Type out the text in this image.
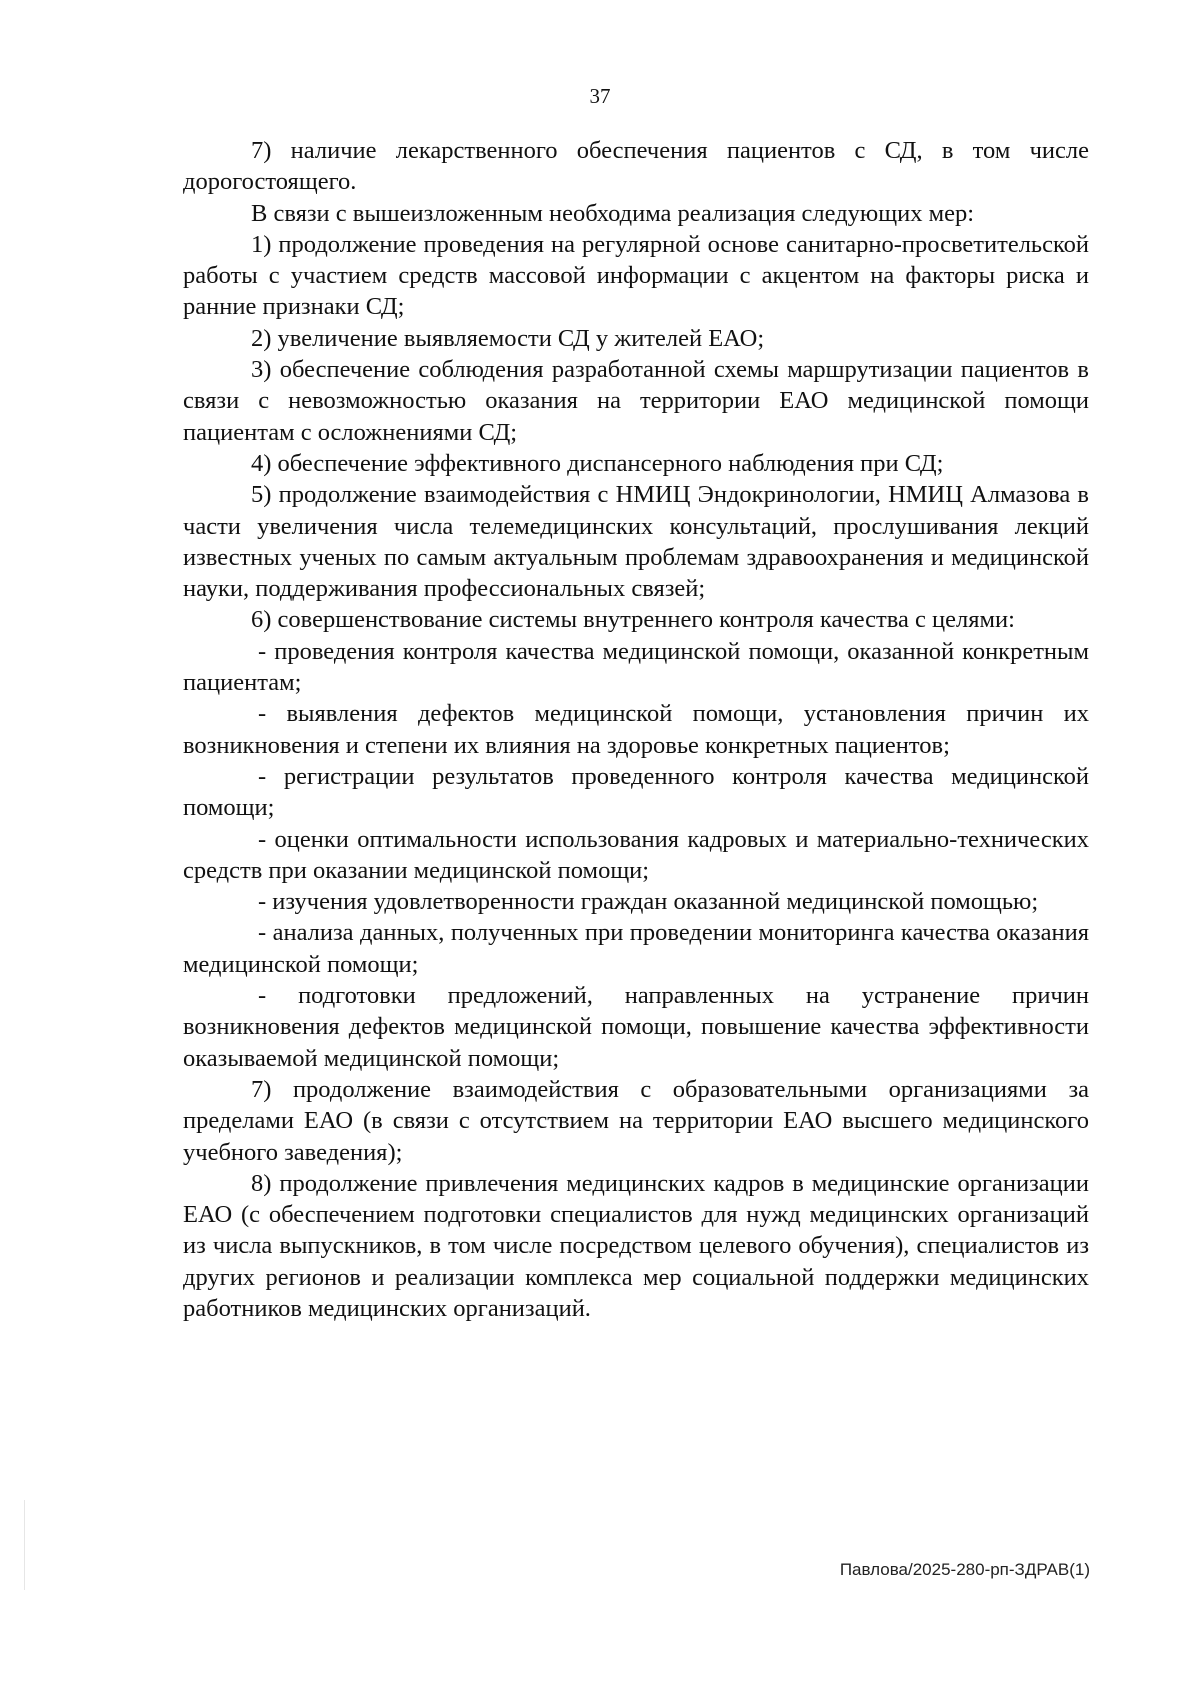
37

7) наличие лекарственного обеспечения пациентов с СД, в том числе дорогостоящего.

В связи с вышеизложенным необходима реализация следующих мер:

1) продолжение проведения на регулярной основе санитарно-просветительской работы с участием средств массовой информации с акцентом на факторы риска и ранние признаки СД;

2) увеличение выявляемости СД у жителей ЕАО;

3) обеспечение соблюдения разработанной схемы маршрутизации пациентов в связи с невозможностью оказания на территории ЕАО медицинской помощи пациентам с осложнениями СД;

4) обеспечение эффективного диспансерного наблюдения при СД;

5) продолжение взаимодействия с НМИЦ Эндокринологии, НМИЦ Алмазова в части увеличения числа телемедицинских консультаций, прослушивания лекций известных ученых по самым актуальным проблемам здравоохранения и медицинской науки, поддерживания профессиональных связей;

6) совершенствование системы внутреннего контроля качества с целями:

- проведения контроля качества медицинской помощи, оказанной конкретным пациентам;

- выявления дефектов медицинской помощи, установления причин их возникновения и степени их влияния на здоровье конкретных пациентов;

- регистрации результатов проведенного контроля качества медицинской помощи;

- оценки оптимальности использования кадровых и материально-технических средств при оказании медицинской помощи;

- изучения удовлетворенности граждан оказанной медицинской помощью;

- анализа данных, полученных при проведении мониторинга качества оказания медицинской помощи;

- подготовки предложений, направленных на устранение причин возникновения дефектов медицинской помощи, повышение качества эффективности оказываемой медицинской помощи;

7) продолжение взаимодействия с образовательными организациями за пределами ЕАО (в связи с отсутствием на территории ЕАО высшего медицинского учебного заведения);

8) продолжение привлечения медицинских кадров в медицинские организации ЕАО (с обеспечением подготовки специалистов для нужд медицинских организаций из числа выпускников, в том числе посредством целевого обучения), специалистов из других регионов и реализации комплекса мер социальной поддержки медицинских работников медицинских организаций.

Павлова/2025-280-рп-ЗДРАВ(1)
